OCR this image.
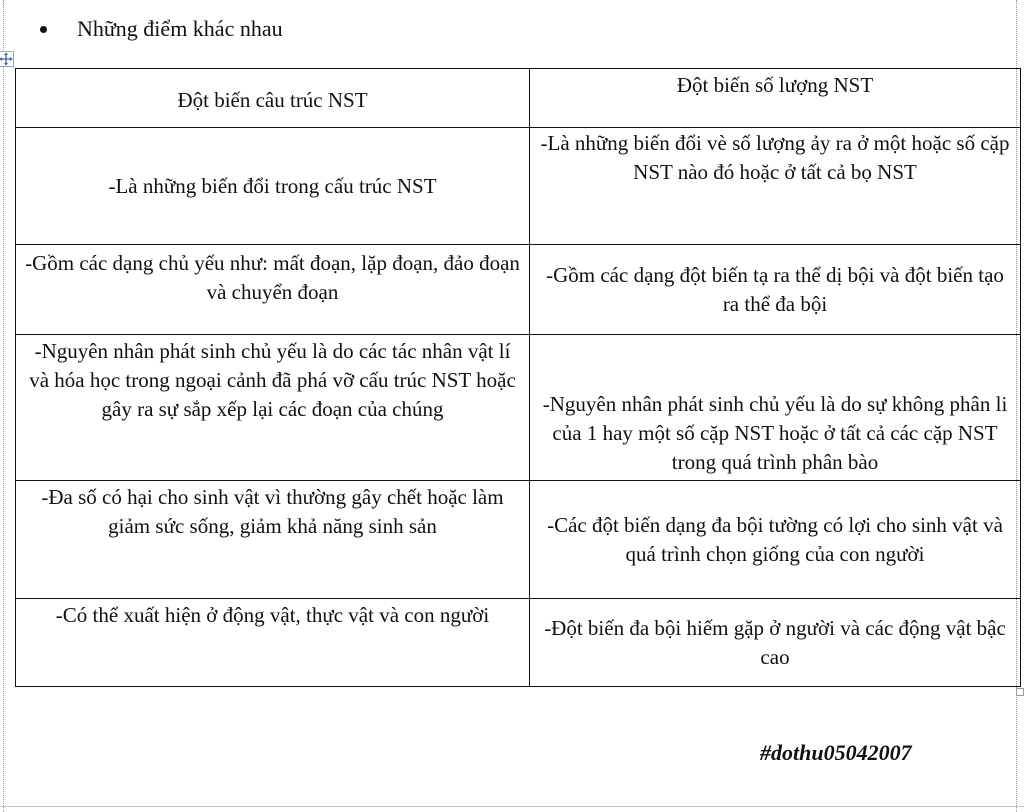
Những điểm khác nhau
Đột biến câu trúc NST	Đột biến số lượng NST
-Là những biến đổi trong cấu trúc NST	-Là những biến đổi vè số lượng ảy ra ở một hoặc số cặp NST nào đó hoặc ở tất cả bọ NST
-Gồm các dạng chủ yếu như: mất đoạn, lặp đoạn, đảo đoạn và chuyển đoạn	-Gồm các dạng đột biến tạ ra thể dị bội và đột biến tạo ra thể đa bội
-Nguyên nhân phát sinh chủ yếu là do các tác nhân vật lí và hóa học trong ngoại cảnh đã phá vỡ cấu trúc NST hoặc gây ra sự sắp xếp lại các đoạn của chúng	-Nguyên nhân phát sinh chủ yếu là do sự không phân li của 1 hay một số cặp NST hoặc ở tất cả các cặp NST trong quá trình phân bào
-Đa số có hại cho sinh vật vì thường gây chết hoặc làm giảm sức sống, giảm khả năng sinh sản	-Các đột biến dạng đa bội tường có lợi cho sinh vật và quá trình chọn giống của con người
-Có thể xuất hiện ở động vật, thực vật và con người	-Đột biến đa bội hiếm gặp ở người và các động vật bậc cao
#dothu05042007
